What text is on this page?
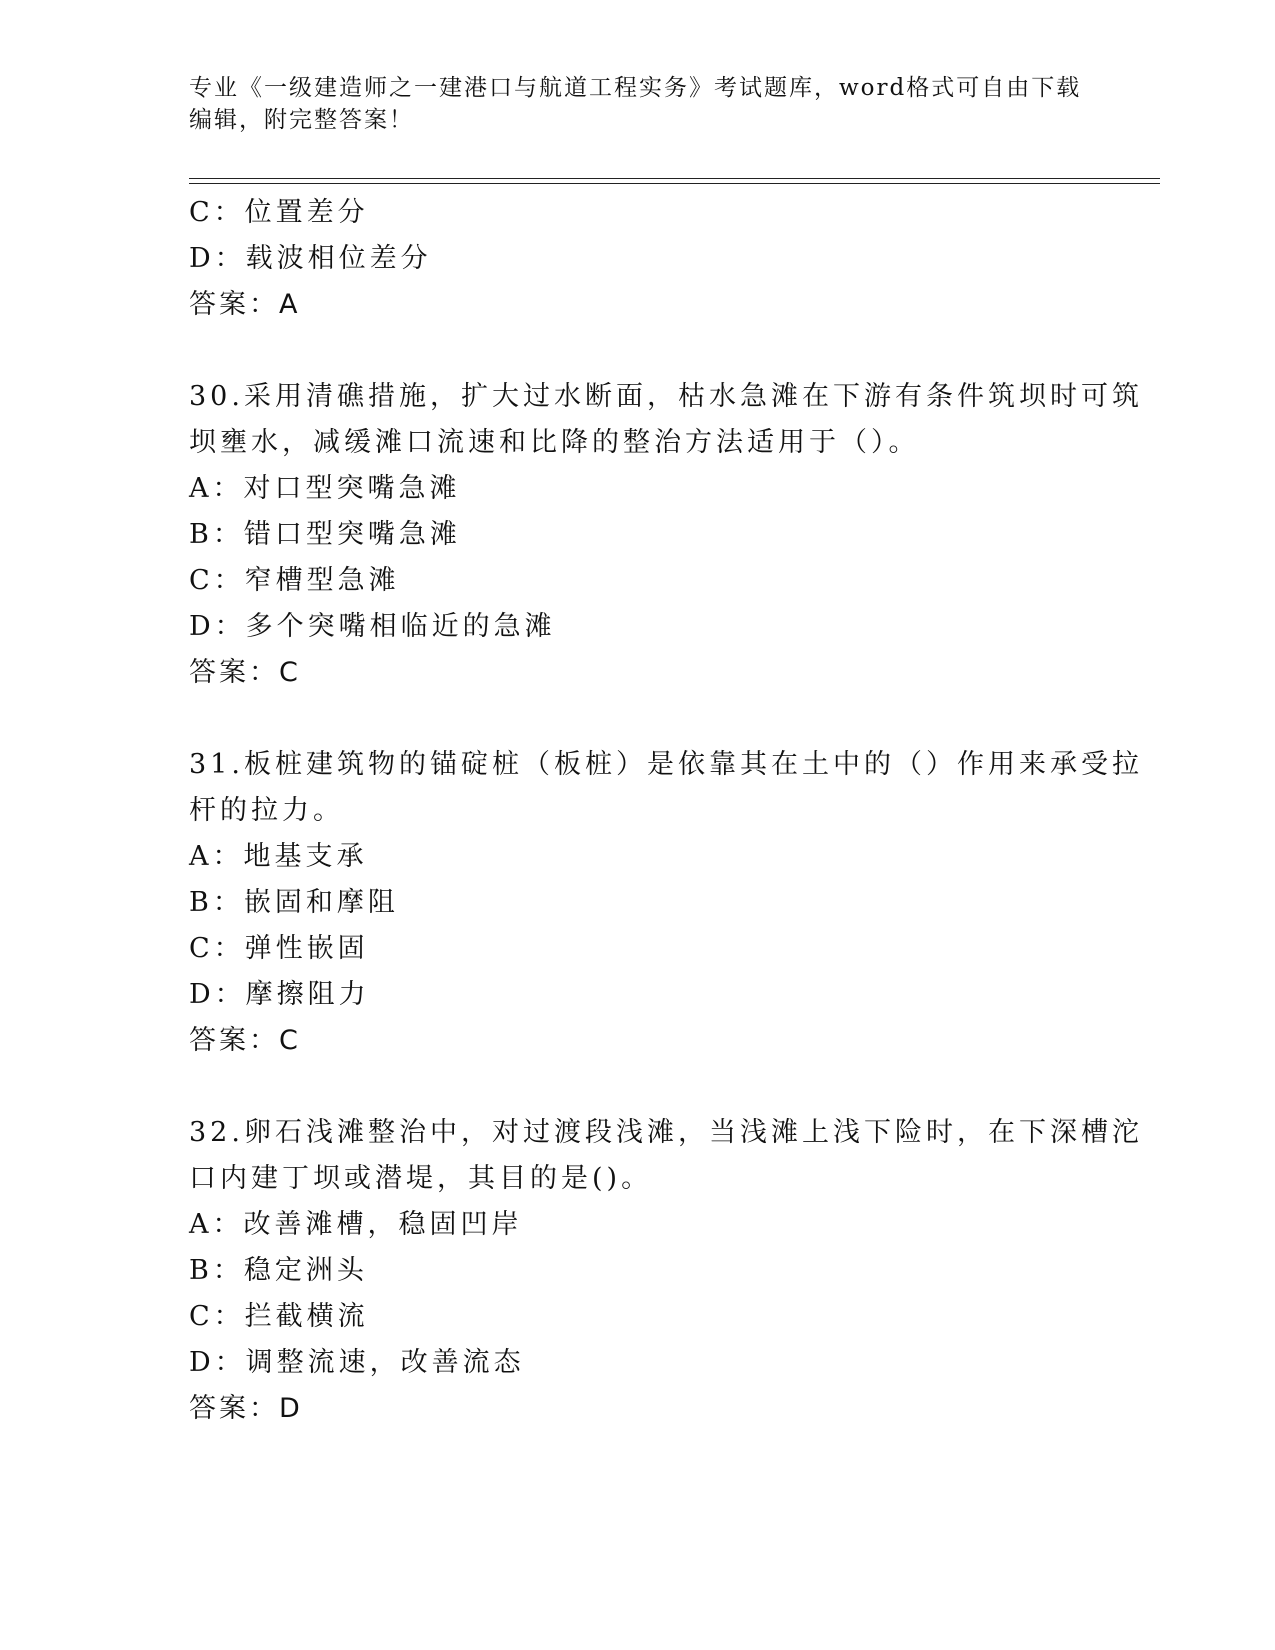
专业《一级建造师之一建港口与航道工程实务》考试题库，word格式可自由下载
编辑，附完整答案！
C：位置差分
D：载波相位差分
答案：A
30.采用清礁措施，扩大过水断面，枯水急滩在下游有条件筑坝时可筑
坝壅水，减缓滩口流速和比降的整治方法适用于（）。
A：对口型突嘴急滩
B：错口型突嘴急滩
C：窄槽型急滩
D：多个突嘴相临近的急滩
答案：C
31.板桩建筑物的锚碇桩（板桩）是依靠其在土中的（）作用来承受拉
杆的拉力。
A：地基支承
B：嵌固和摩阻
C：弹性嵌固
D：摩擦阻力
答案：C
32.卵石浅滩整治中，对过渡段浅滩，当浅滩上浅下险时，在下深槽沱
口内建丁坝或潜堤，其目的是()。
A：改善滩槽，稳固凹岸
B：稳定洲头
C：拦截横流
D：调整流速，改善流态
答案：D
